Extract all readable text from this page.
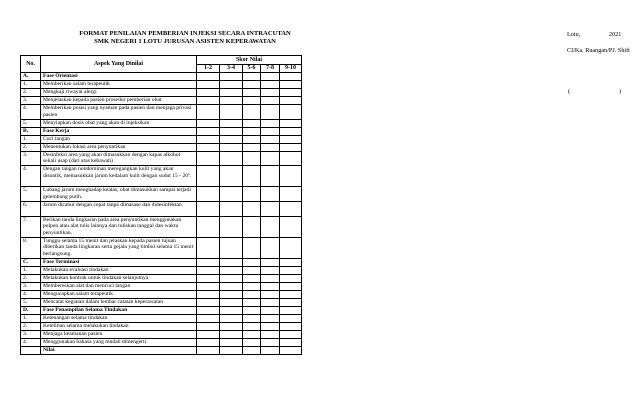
FORMAT PENILAIAN PEMBERIAN INJEKSI SECARA INTRACUTAN
SMK NEGERI 1 LOTU JURUSAN ASISTEN KEPERAWATAN
Lotu,	2021
CI/Ka. Ruangan/PJ. Shift
(	)
No.	Aspek Yang Dinilai	Skor Nilai				
		1-2	3-4	5-6	7-8	9-10
A.	Fase Orientasi					
1.	Memberikan salam terapeutik					
2.	Mengkaji riwayat alergi					
3.	Menjelaskan kepada pasien prosedur pemberian obat					
4.	Memberikan posisi yang nyaman pada pasien dan menjaga privasi pasien					
5.	Menyiapkan dosis obat yang akan di injeksikan					
B.	Fase Kerja					
1.	Cuci tangan					
2.	Menentukan lokasi area penyuntikan					
3.	Desinfeksi area yang akan dimasukkan dengan kapas alkohol sekali usap (dari atas kebawah)					
4.	Dengan tangan nondominan meregangkan kulit yang akan disuntik, memasukkan jarum kedalam kulit dengan sudut 15 - 20º.					
5.	Lubang jarum menghadap keatas, obat dimasukkan sampai terjadi gelembung putih.					
6.	Jarum dicabut dengan cepat tanpa dimasase dan didesinfektan.					
7.	Berikan tanda lingkaran pada area penyuntikan menggunakan pulpen atau alat tulis lainnya dan tuliskan tanggal dan waktu penyuntikan.					
8.	Tunggu selama 15 menit dan jelaskan kepada pasien tujuan diberikan tanda lingkaran serta gejala yang timbul selama 15 menit berlangsung.					
C.	Fase Terminasi					
1.	Melakukan evaluasi tindakan					
2.	Melakukan kontrak untuk tindakan selanjutnya					
3.	Membereskan alat dan mencuci tangan					
4.	Mengucapkan salam terapeutik					
5.	Mencatat kegiatan dalam lembar catatan keperawatan					
D.	Fase Penampilan Selama Tindakan					
1.	Ketenangan selama tindakan					
2.	Ketelitian selama melakukan tindakan					
3.	Menjaga keamanan pasien					
4.	Menggunakan bahasa yang mudah dimengerti					
	Nilai					
